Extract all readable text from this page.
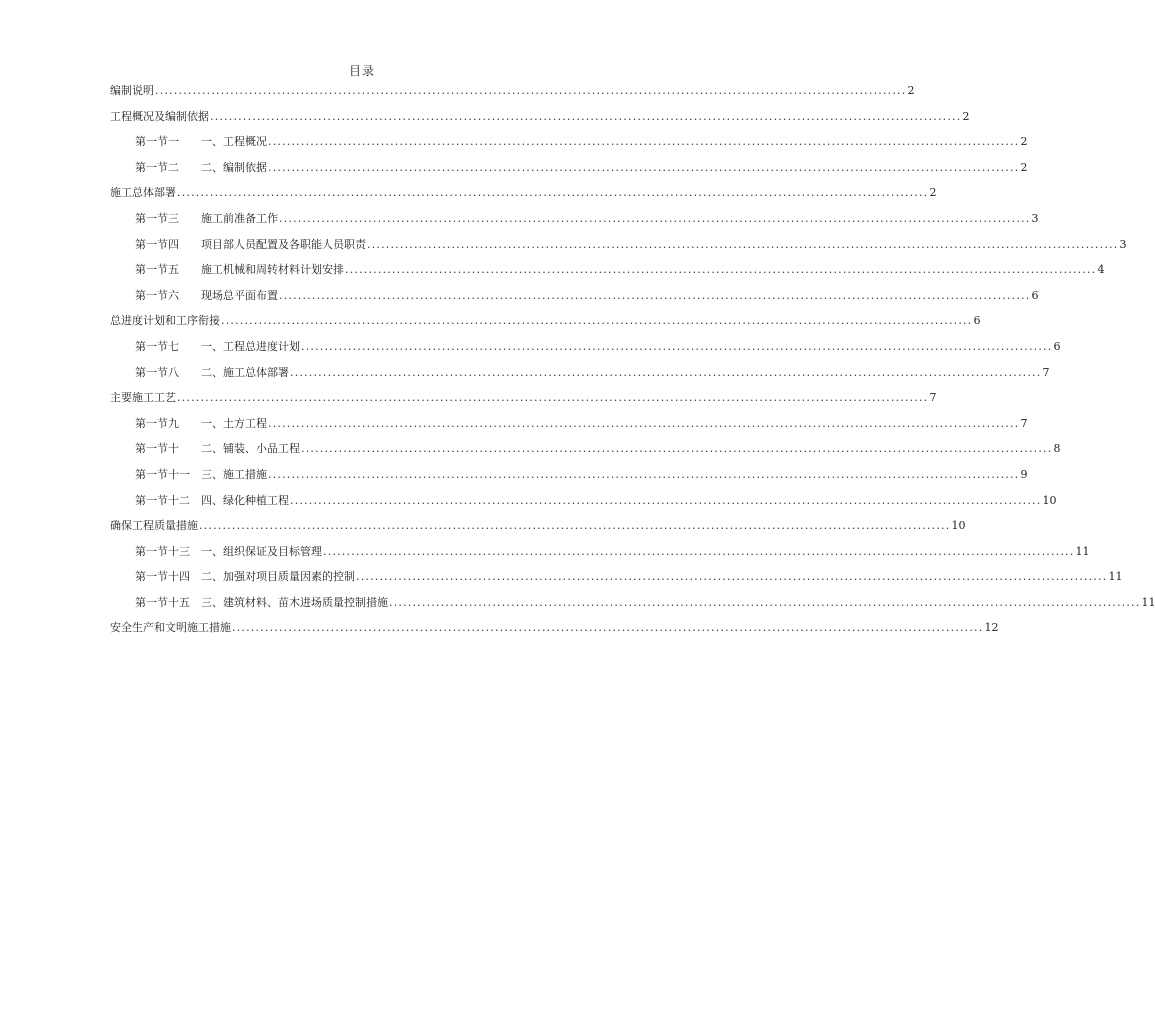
目录
编制说明 ................................................................................................................................................................ 2
工程概况及编制依据 ................................................................................................................................................................ 2
第一节一 一、工程概况 ................................................................................................................................................................ 2
第一节二 二、编制依据 ................................................................................................................................................................ 2
施工总体部署 ................................................................................................................................................................ 2
第一节三 施工前准备工作 ................................................................................................................................................................ 3
第一节四 项目部人员配置及各职能人员职责 ................................................................................................................................................................ 3
第一节五 施工机械和周转材料计划安排 ................................................................................................................................................................ 4
第一节六 现场总平面布置 ................................................................................................................................................................ 6
总进度计划和工序衔接 ................................................................................................................................................................ 6
第一节七 一、工程总进度计划 ................................................................................................................................................................ 6
第一节八 二、施工总体部署 ................................................................................................................................................................ 7
主要施工工艺 ................................................................................................................................................................ 7
第一节九 一、土方工程 ................................................................................................................................................................ 7
第一节十 二、铺装、小品工程 ................................................................................................................................................................ 8
第一节十一 三、施工措施 ................................................................................................................................................................ 9
第一节十二 四、绿化种植工程 ................................................................................................................................................................ 10
确保工程质量措施 ................................................................................................................................................................ 10
第一节十三 一、组织保证及目标管理 ................................................................................................................................................................ 11
第一节十四 二、加强对项目质量因素的控制 ................................................................................................................................................................ 11
第一节十五 三、建筑材料、苗木进场质量控制措施 ................................................................................................................................................................ 11
安全生产和文明施工措施 ................................................................................................................................................................ 12
